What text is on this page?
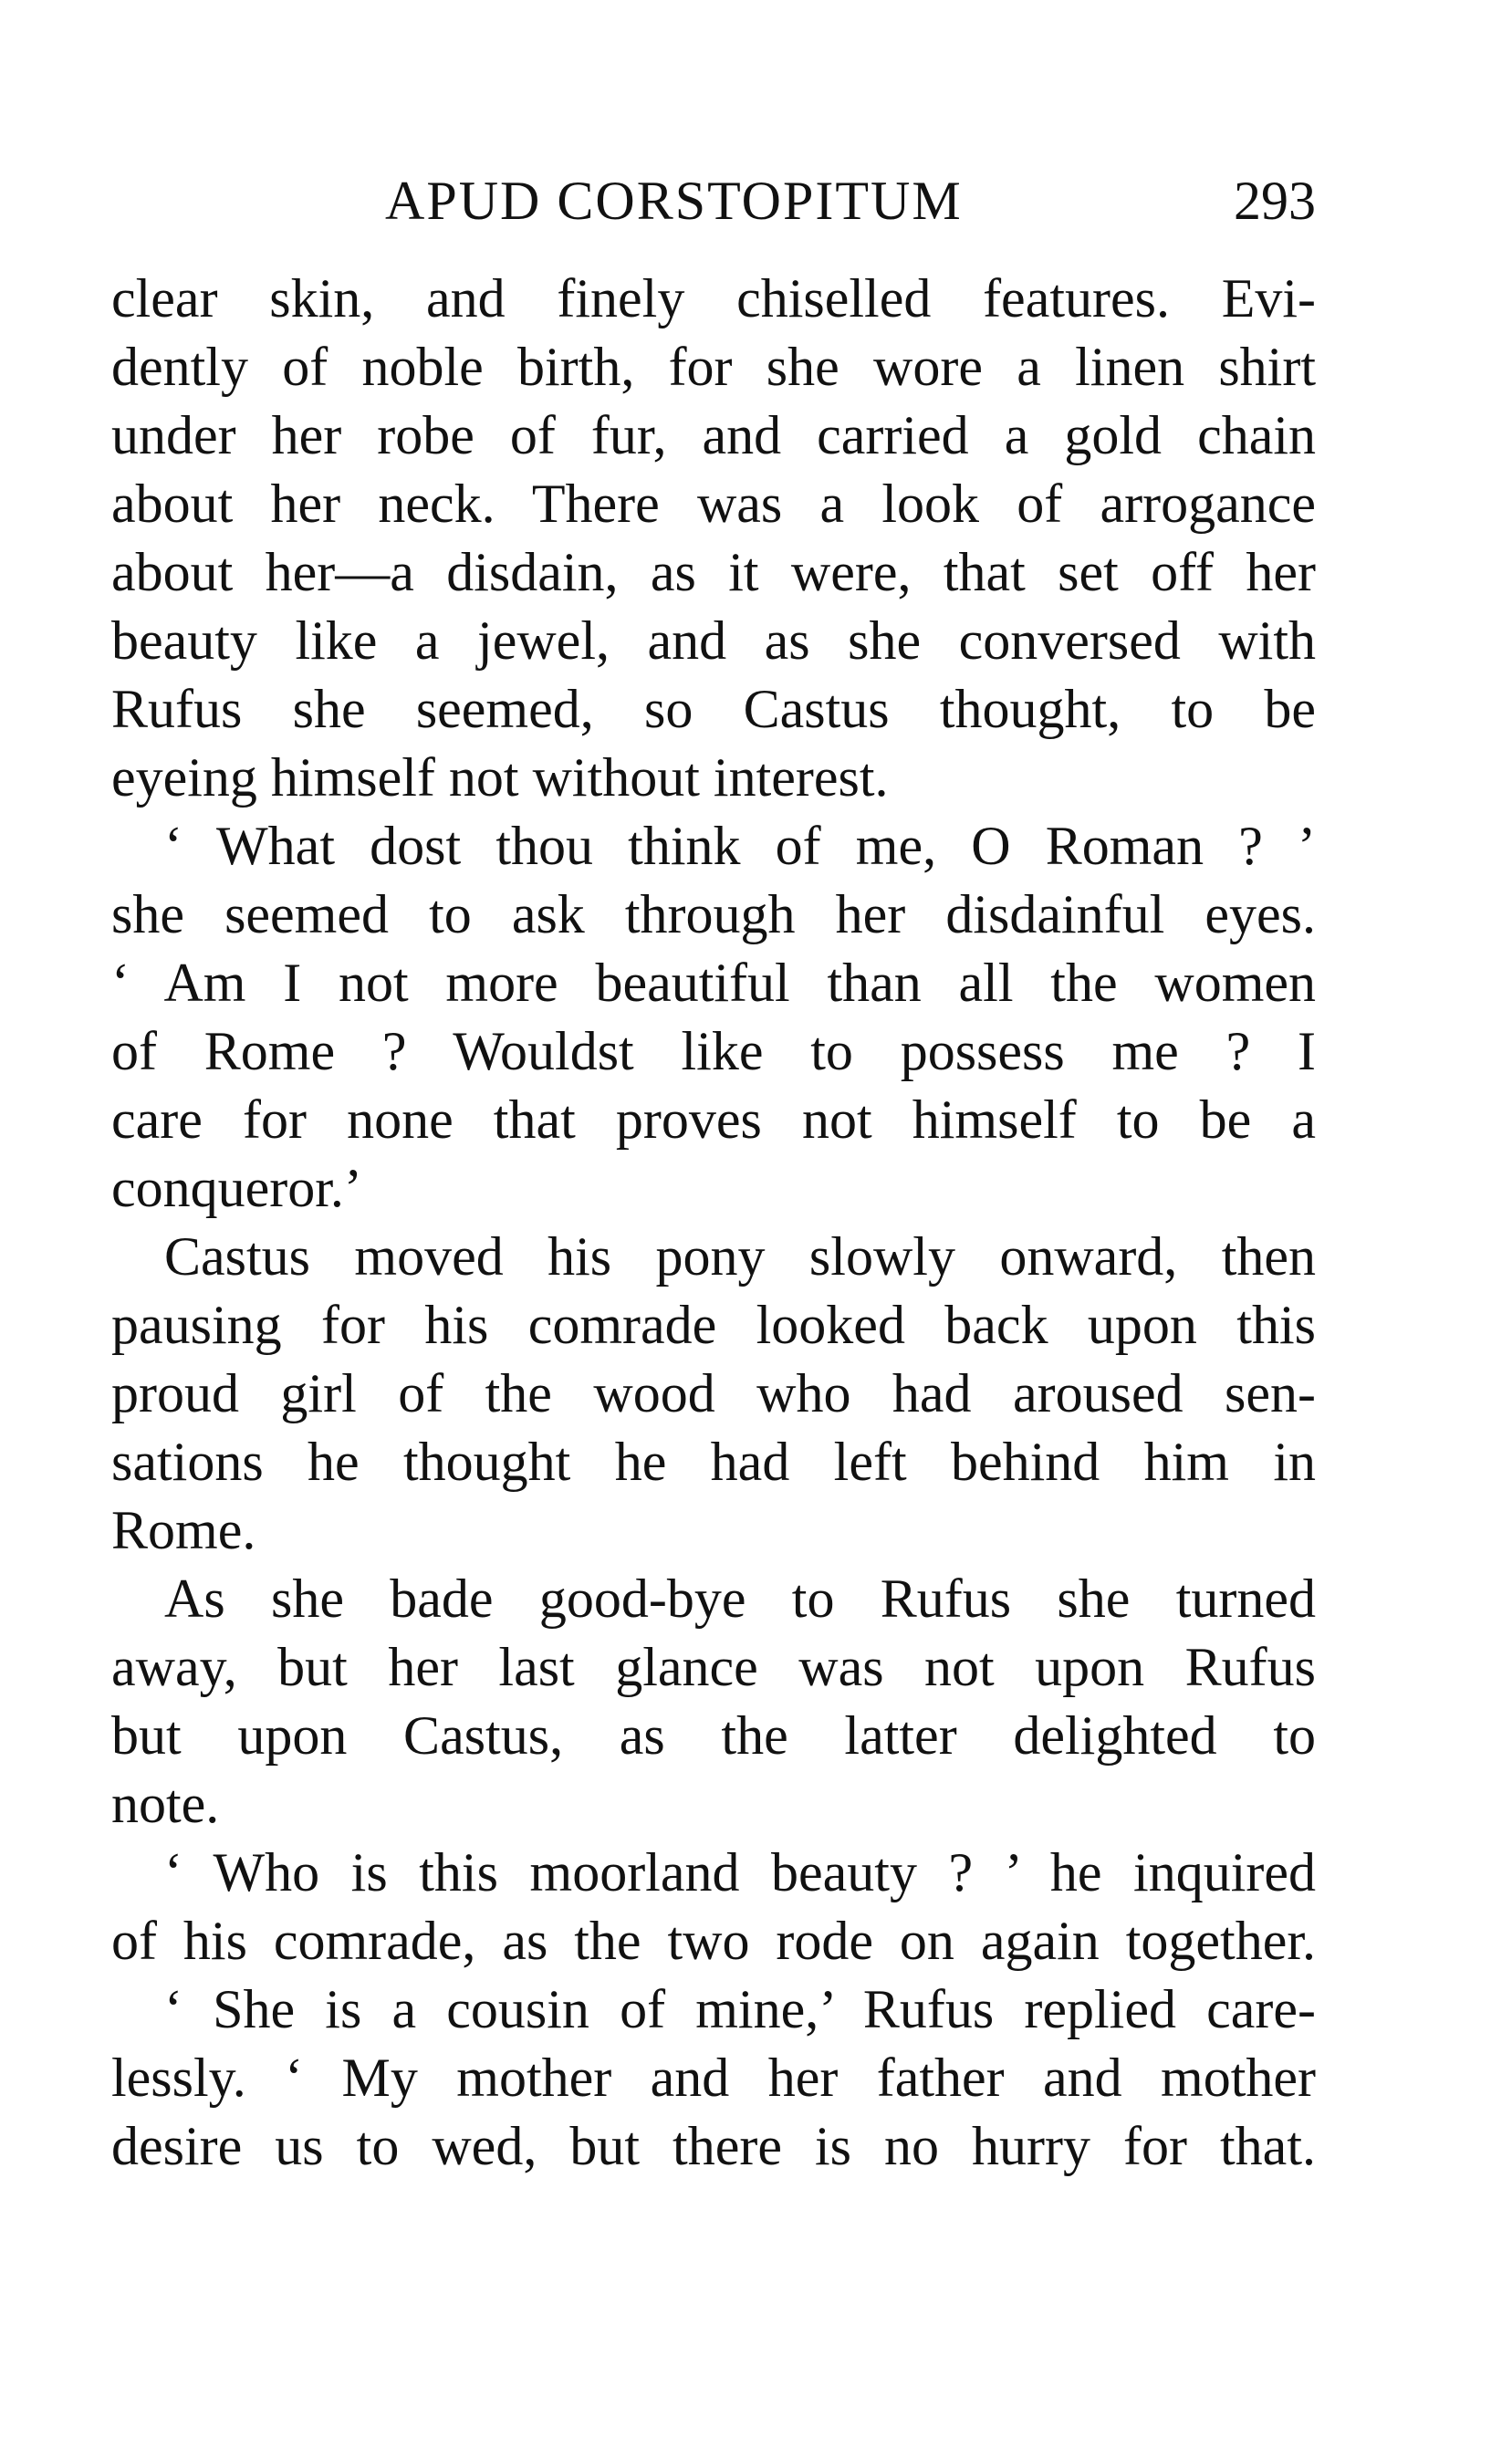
APUD CORSTOPITUM	293
clear skin, and finely chiselled features. Evi-
dently of noble birth, for she wore a linen shirt
under her robe of fur, and carried a gold chain
about her neck. There was a look of arrogance
about her—a disdain, as it were, that set off her
beauty like a jewel, and as she conversed with
Rufus she seemed, so Castus thought, to be
eyeing himself not without interest.
‘ What dost thou think of me, O Roman ? ’
she seemed to ask through her disdainful eyes.
‘ Am I not more beautiful than all the women
of Rome ? Wouldst like to possess me ? I
care for none that proves not himself to be a
conqueror.’
Castus moved his pony slowly onward, then
pausing for his comrade looked back upon this
proud girl of the wood who had aroused sen-
sations he thought he had left behind him in
Rome.
As she bade good-bye to Rufus she turned
away, but her last glance was not upon Rufus
but upon Castus, as the latter delighted to
note.
‘ Who is this moorland beauty ? ’ he inquired
of his comrade, as the two rode on again together.
‘ She is a cousin of mine,’ Rufus replied care-
lessly. ‘ My mother and her father and mother
desire us to wed, but there is no hurry for that.
